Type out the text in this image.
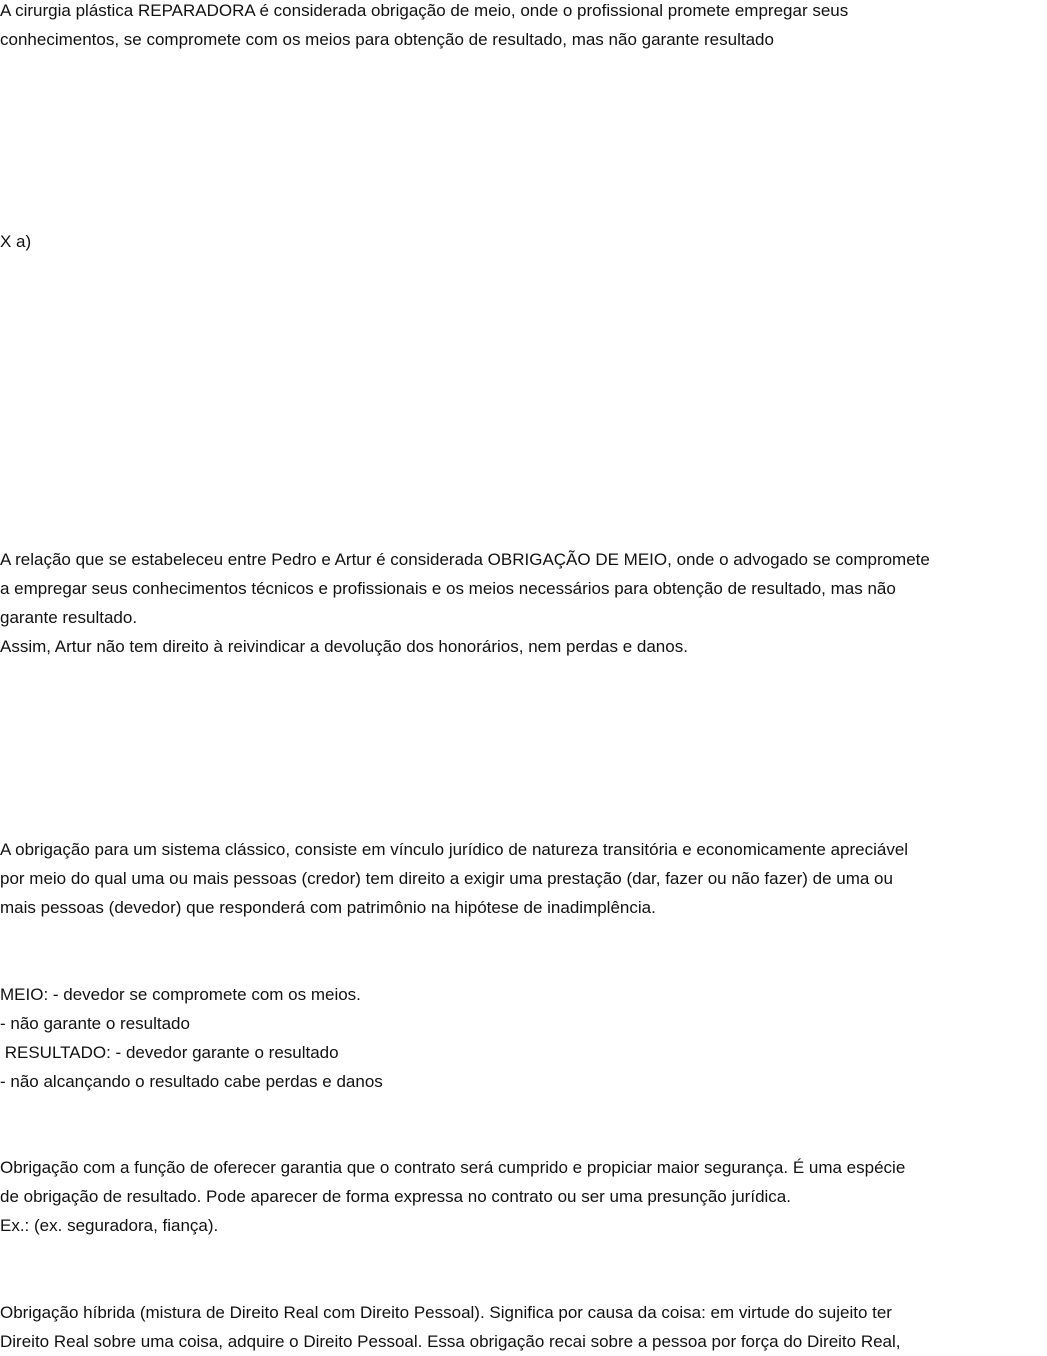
A cirurgia plástica REPARADORA é considerada obrigação de meio, onde o profissional promete empregar seus
conhecimentos, se compromete com os meios para obtenção de resultado, mas não garante resultado
X a)
A relação que se estabeleceu entre Pedro e Artur é considerada OBRIGAÇÃO DE MEIO, onde o advogado se compromete
a empregar seus conhecimentos técnicos e profissionais e os meios necessários para obtenção de resultado, mas não
garante resultado.
Assim, Artur não tem direito à reivindicar a devolução dos honorários, nem perdas e danos.
A obrigação para um sistema clássico, consiste em vínculo jurídico de natureza transitória e economicamente apreciável
por meio do qual uma ou mais pessoas (credor) tem direito a exigir uma prestação (dar, fazer ou não fazer) de uma ou
mais pessoas (devedor) que responderá com patrimônio na hipótese de inadimplência.
MEIO: - devedor se compromete com os meios.
- não garante o resultado
RESULTADO: - devedor garante o resultado
- não alcançando o resultado cabe perdas e danos
Obrigação com a função de oferecer garantia que o contrato será cumprido e propiciar maior segurança. É uma espécie
de obrigação de resultado. Pode aparecer de forma expressa no contrato ou ser uma presunção jurídica.
Ex.: (ex. seguradora, fiança).
Obrigação híbrida (mistura de Direito Real com Direito Pessoal). Significa por causa da coisa: em virtude do sujeito ter
Direito Real sobre uma coisa, adquire o Direito Pessoal. Essa obrigação recai sobre a pessoa por força do Direito Real,
